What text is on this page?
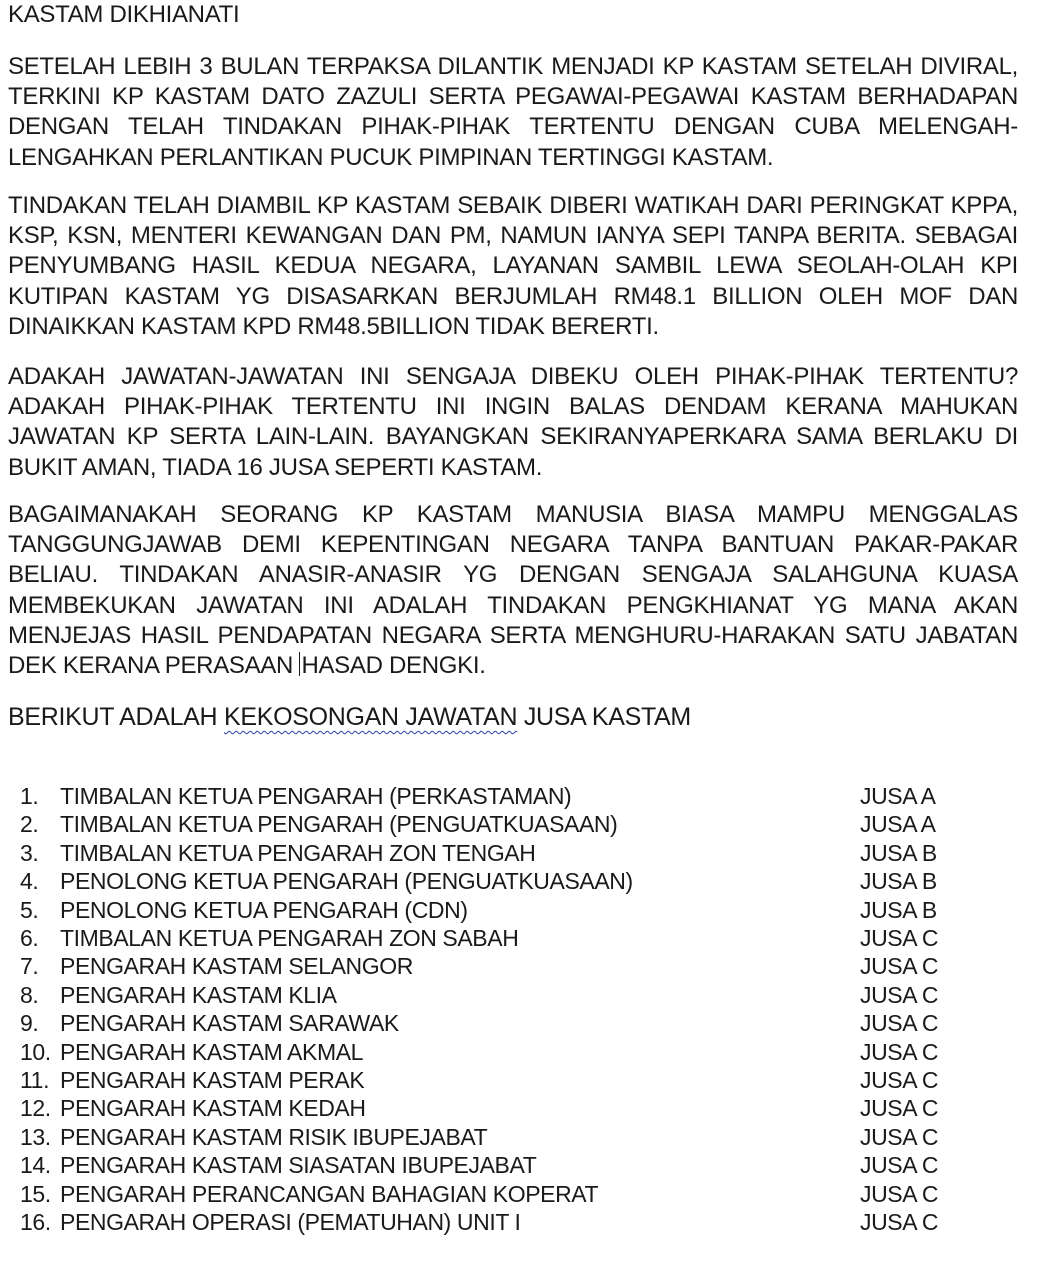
KASTAM DIKHIANATI

SETELAH LEBIH 3 BULAN TERPAKSA DILANTIK MENJADI KP KASTAM SETELAH DIVIRAL, TERKINI KP KASTAM DATO ZAZULI SERTA PEGAWAI-PEGAWAI KASTAM BERHADAPAN DENGAN TELAH TINDAKAN PIHAK-PIHAK TERTENTU DENGAN CUBA MELENGAH-LENGAHKAN PERLANTIKAN PUCUK PIMPINAN TERTINGGI KASTAM.

TINDAKAN TELAH DIAMBIL KP KASTAM SEBAIK DIBERI WATIKAH DARI PERINGKAT KPPA, KSP, KSN, MENTERI KEWANGAN DAN PM, NAMUN IANYA SEPI TANPA BERITA. SEBAGAI PENYUMBANG HASIL KEDUA NEGARA, LAYANAN SAMBIL LEWA SEOLAH-OLAH KPI KUTIPAN KASTAM YG DISASARKAN BERJUMLAH RM48.1 BILLION OLEH MOF DAN DINAIKKAN KASTAM KPD RM48.5BILLION TIDAK BERERTI.

ADAKAH JAWATAN-JAWATAN INI SENGAJA DIBEKU OLEH PIHAK-PIHAK TERTENTU? ADAKAH PIHAK-PIHAK TERTENTU INI INGIN BALAS DENDAM KERANA MAHUKAN JAWATAN KP SERTA LAIN-LAIN. BAYANGKAN SEKIRANYAPERKARA SAMA BERLAKU DI BUKIT AMAN, TIADA 16 JUSA SEPERTI KASTAM.

BAGAIMANAKAH SEORANG KP KASTAM MANUSIA BIASA MAMPU MENGGALAS TANGGUNGJAWAB DEMI KEPENTINGAN NEGARA TANPA BANTUAN PAKAR-PAKAR BELIAU. TINDAKAN ANASIR-ANASIR YG DENGAN SENGAJA SALAHGUNA KUASA MEMBEKUKAN JAWATAN INI ADALAH TINDAKAN PENGKHIANAT YG MANA AKAN MENJEJAS HASIL PENDAPATAN NEGARA SERTA MENGHURU-HARAKAN SATU JABATAN DEK KERANA PERASAAN HASAD DENGKI.

BERIKUT ADALAH KEKOSONGAN JAWATAN JUSA KASTAM
1. TIMBALAN KETUA PENGARAH (PERKASTAMAN)	JUSA A
2. TIMBALAN KETUA PENGARAH (PENGUATKUASAAN)	JUSA A
3. TIMBALAN KETUA PENGARAH ZON TENGAH	JUSA B
4. PENOLONG KETUA PENGARAH (PENGUATKUASAAN)	JUSA B
5. PENOLONG KETUA PENGARAH (CDN)	JUSA B
6. TIMBALAN KETUA PENGARAH ZON SABAH	JUSA C
7. PENGARAH KASTAM SELANGOR	JUSA C
8. PENGARAH KASTAM KLIA	JUSA C
9. PENGARAH KASTAM SARAWAK	JUSA C
10. PENGARAH KASTAM AKMAL	JUSA C
11. PENGARAH KASTAM PERAK	JUSA C
12. PENGARAH KASTAM KEDAH	JUSA C
13. PENGARAH KASTAM RISIK IBUPEJABAT	JUSA C
14. PENGARAH KASTAM SIASATAN IBUPEJABAT	JUSA C
15. PENGARAH PERANCANGAN BAHAGIAN KOPERAT	JUSA C
16. PENGARAH OPERASI (PEMATUHAN) UNIT I	JUSA C
